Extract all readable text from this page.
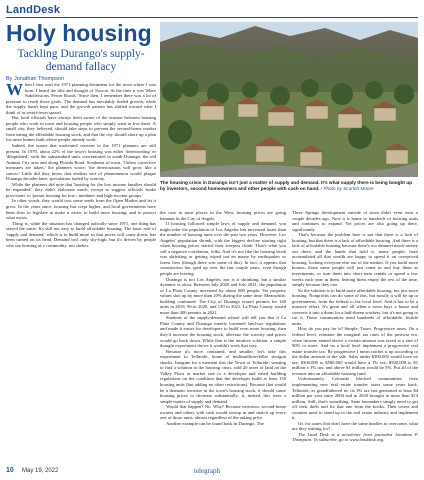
LandDesk
Holy housing
Tackling Durango's supply-demand fallacy
By Jonathan Thompson

When I first read the 1971 planning document for the town where I was born, I heard the title and thought of Tucson. At the time it was 'More Subdivisions, Fewer Roads.' Since then, I remember there was a lot of pressure to reach those goals. The demand has inevitably fueled growth, while the supply hasn't kept pace, and the growth pattern has shifted toward what I think of as resort-town sprawl.

But local officials have always been aware of the tension between housing people who work in town and housing people who simply want to live there. A small city, they believed, should take steps to prevent the second-home market from eating the affordable housing stock, and that the city should shore up a plan for more homes built where people already work.

Indeed, the issues that motivated concern in the 1971 planners are still present. In 1970, about 22% of the town's housing was either 'deteriorating' or 'dilapidated,' with the substandard units concentrated in south Durango, the old Animas City area and along Florida Road. Southeast of town, 'Unless corrective measures are taken,' the planners wrote, 'the deterioration will grow like a cancer.' Little did they know that another sort of phenomenon would plague Durango decades later: speculation fueled by scarcity.

While the planners did note that 'housing for the low income families should be expanded,' they didn't elaborate much, except to suggest officials 'make provisions' to 'permit housing for low-, medium- and high-income groups.'

In other words, they would toss some seeds from the Open Market and let it grow. In the years since, housing has crept higher, and local governments have been slow to legislate to make it easier to build more housing, and to protect what exists.

Thing is, while the situation has changed radically since 1971, one thing has stayed the same: It's still not easy to build affordable housing. The basic rule of 'supply and demand,' which is to build more so that prices will come down, has been turned on its head. Demand isn't only sky-high, but it's driven by people who see housing as a commodity, not shelter.

The housing crisis in Durango isn't just a matter of supply and demand. It's what supply there is being bought up by investors, second homeowners and other people with cash on hand. / Photo by Scarlett Moore

the case in most places in the West, housing prices are going bananas in the City of Angels.

If housing followed simple laws of supply and demand, you might infer the population of Los Angeles has increased faster than the number of housing units over the past two years. However, Los Angeles' population shrank, with the biggest decline starting right when housing prices started their steepest climb. That's what you call a negative correlation, folks. And it's not like the housing stock was shrinking or getting wiped out en masse by earthquakes or forest fires (though there was some of this). In fact, it appears that construction has sped up over the last couple years, even though people are leaving.

Durango is not Los Angeles, nor is it shrinking, but a similar dynamic is afoot. Between July 2020 and July 2021, the population of La Plata County increased by about 600 people. Yet property values shot up by more than 20% during the same time. Meanwhile, building continued. The City of Durango issued permits for 140 units in 2019, 96 in 2020, and 130 in 2021. La Plata County issued more than 400 permits in 2021.

Students of the supply-demand school will tell you that if La Plata County and Durango merely loosened land-use regulations and made it easier for developers to build even more housing, then they'd increase the housing stock, alleviate the scarcity and prices would go back down. While that is the intuitive solution, a simple thought experiment shows it wouldn't work that way.

Because it's more contained, and smaller, let's take this experiment to Telluride, home of multimillion-dollar shotgun shacks. Imagine for a moment that the Town of Telluride, wanting to find a solution to the housing crisis, sold 20 acres of land on the Valley Floor at market rate to a developer and eased building regulations on the condition that the developer build at least 150 housing units (but adding no other restrictions). Because that would be a dramatic increase in the town's housing stock, it should cause housing prices to decrease substantially; it, indeed, this were a simple matter of supply and demand.

Would that happen? No. Why? Because investors, second-home owners and others with cash would swoop in and snatch up every one of those units, almost regardless of the asking price.

Another example can be found back in Durango. The

Three Springs development outside of town didn't even exist a couple decades ago. Now it is home to hundreds of housing units and continues to expand. Yet prices are also going up there, significantly.

That's because the problem here is not that there is a lack of housing, but that there is a lack of affordable housing. And there is a lack of affordable housing because there's too damned much money out there, and the hands that hold it, many people, have accumulated all that wealth are happy to spend it on overpriced housing, locking everyone else out of the market. If you build more houses, those same people will just come in and buy them as investments, or turn them into short-term rentals or spend a few weeks each year in them, leaving them empty the rest of the time, simply because they can.

So the solution is to build more affordable housing, not just more housing. Nonprofits can do some of this, but mostly it will be up to governments, from the federal to the local level. And it has to be a massive effort. It's great and all when a town buys a house and converts it into a dorm for a half-dozen workers, but it's not going to cut it. These communities need hundreds of affordable, livable units.

How do you pay for it? Simple: Taxes. Progressive taxes. On a federal level, reinstate the marginal tax rates of the postwar era, when income earned above a certain amount was taxed at a rate of 90% or more. And on a local level implement a progressive real estate transfer tax. By progressive I mean ratchet it up according to the dollar amount of the sale. Sales under $300,000 would have no tax; $300,000 to $500,000 would have a 1% tax; $500,000 to $1 million a 3% tax; and above $1 million would be 5%. Put all of the revenue into an affordable housing fund.

Unfortunately, Colorado blocked communities from implementing new real estate transfer taxes some years back. Telluride, as grandfathered in; its 3% tax has generated at least $4 million per year since 2004 and in 2020 brought in more than $14 million. Still, that's something. State lawmakers simply need to get off their duffs and fix that one from the books. Then towns and counties need to stand up to the real estate industry and implement it.

Or, for states that don't have the same hurdles to overcome, what are they waiting for?

The Land Desk is a newsletter from journalist Jonathan P. Thompson. To subscribe, go to www.landdesk.org.

10 May 19, 2022	telegraph
